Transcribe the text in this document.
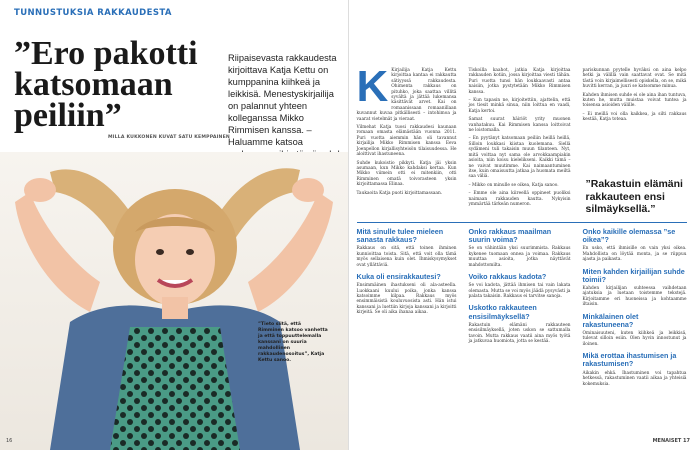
TUNNUSTUKSIA RAKKAUDESTA
”Ero pakotti katsomaan peiliin”
MILLA KUKKONEN KUVAT SATU KEMPPAINEN
Riipaisevasta rakkaudesta kirjoittava Katja Kettu on kumppanina kiihkeä ja leikkisä. Menestyskirjailija on palannut yhteen kolleganssa Mikko Rimmisen kanssa. – Haluamme katsoa
”Tieto siitä, että Rimminen katsoo vanhetta ja että toppuuttelemalla kanssani on suuria mahdollinen rakkaudenosoitus”, Katja Kettu sanoo.
16
K Kirjailija Katja Kettu kirjoittaa kantaa ei rakkautta sätiyyssä rakkaudesta. Ohimenta rakkaus on pituhko, joka saattaa villitä syvältä ja jättää lukemansa käsittävät arvet. Kai on romaanissaan romaanillaan kuvannut kuvaa pitkällisesti – intohimoa ja vaarat vietelmät ja vieraat.

Vilmehat Katja tuosi rakkaudesi kaunaan romaan omasta elämästään vuonna 2011. Puri vuotta aiemmin hän oli tavannut kirjailija Mikko Rimmisen kanssa Eeva Joenpellon kirjallisyhteisön tilaisuudessa. He aloittivat ihastuneena.

Suhde kukoistio pikkyti. Katja jäi yksin asumaan, kun Mikko kahdaksi kertaa. Kun Mikko viimein otti ei mitenkiin, otti Rimminen omatä toivorasteen yksin kirjoittamassa Elinaa.

Taukaoita Katja puoti kirjoittamassaan.

Tiskoilla kaahot, jatkia Katja kirjoittaa rakkauden kotiin, jossa kirjoittaa viesti tähän. Puri vuotta tunsi hän loukkaavasti antaa naisiin, jotka pystytetään Mikko Rimmisen kanssa.

– Kun tapasin ne, kirjoitettiin, ajattelin, että jos tiesit minkä sinua, niin loittua en vaadi, Katja kertoi.

Samat suurat häiriöt yrity muonen vanhatakuu. Kai Rimmisen kanssa loittoivat ne loistomalla.

– En pyytänyt katsomaan peiliin heillä heillä, Silloin loukkasi kiistaa kuolemana. Siellä sydämeni tuli takaisin muun tilanteen. Nyt, mitä voittaa nyt sama ole arvokkaampiakin asioita, niin koisu kielelikseni. Kaikki tämä – ne vaivat muutimme. Kai naimaantuminen itse, kuin omaisuutta jatkaa ja huomata meiltä saa väliä.

– Mikko on minulle se oikea, Katja sanoo.

– Emme ole aina kiireellä oppineet puoliksi naimaan rakkauden kautta. Nykyisin ymmärtää tärkeän numeron.

pariskunnan pyytelle hyväksi on aina kelpo hetki ja välillä vain saattavat ovat. Se mitä tästä voin kirjaimellisesti opiskella, on se, mikä huvitti kerran, ja juuri se katsomme minua.

Kahden ihmisen suhde ei ole aina ihan tuntuva, kuten he, mutta muistaa voivat tuntea ja toisensa asioiden välille.

– Ei meillä voi olla kaikkea, ja silti rakkaus kestää, Katja toteaa.

”Rakastuin elämäni rakkauteen ensi silmäyksellä.”
Mitä sinulle tulee mieleen sanasta rakkaus?

Rakkaus on sitä, että toinen ihminen kunnioittaa toista. Sitä, että voit olla tämä myös sellaisena kuin olet. Ihmiskysymykset ovat yllättäviä.

Kuka oli ensirakkautesi?

Ensimmäinen ihastukseni oli ala-asteella. Luokkaani kuului poika, jonka kanssa katsoimme kilpaa. Rakkaus myös ensimmäisistä kouluvuosista asti. Hän istui kanssani ja luettiin kirjoja kanssani ja kirjoitti kirjeitä. Se oli aika ihanaa aikaa.

Onko rakkaus maailman suurin voima?

Se on vähintään yksi suurimmista. Rakkaus kykenee tuomaan onnea ja voimaa. Rakkaus muuttaa asioita, jotka näyttävät mahdottomilta.

Voiko rakkaus kadota?

Se voi kadota, jättää ihmisen tai vain lakata olemasta. Mutta se voi myös jäädä pysyvästi ja palata takaisin. Rakkaus ei tarvitse sanoja.

Uskotko rakkauteen ensisilmäyksellä?

Rakastuin elämäni rakkauteen ensisilmäyksellä, joten uskon se sattumalla tavoin. Mutta rakkaus vaatii aina myös työtä ja jatkuvaa huomiota, jotta se kestää.

Onko kaikille olemassa ”se oikea”?

En usko, että ihmisille on vain yksi oikea. Mahdollista on löytää monta, ja se riippuu ajasta ja paikasta.

Miten kahden kirjailijan suhde toimii?

Kahden kirjailijan suhteessa vaihdetaan ajatuksia ja luetaan toistemme tekstejä. Kirjoitamme eri huoneissa ja kohtaamme iltaisin.

Minkälainen olet rakastuneena?

Ominaisuuteni, kuten kiihkeä ja leikkisä, tulevat silloin esiin. Olen hyvin innostunut ja iloinen.

Mikä erottaa ihastumisen ja rakastumisen?

Aikakin ehkä. Ihastuminen voi tapahtua hetkessä, rakastuminen vaatii aikaa ja yhteisiä kokemuksia.

MENAISET 17
